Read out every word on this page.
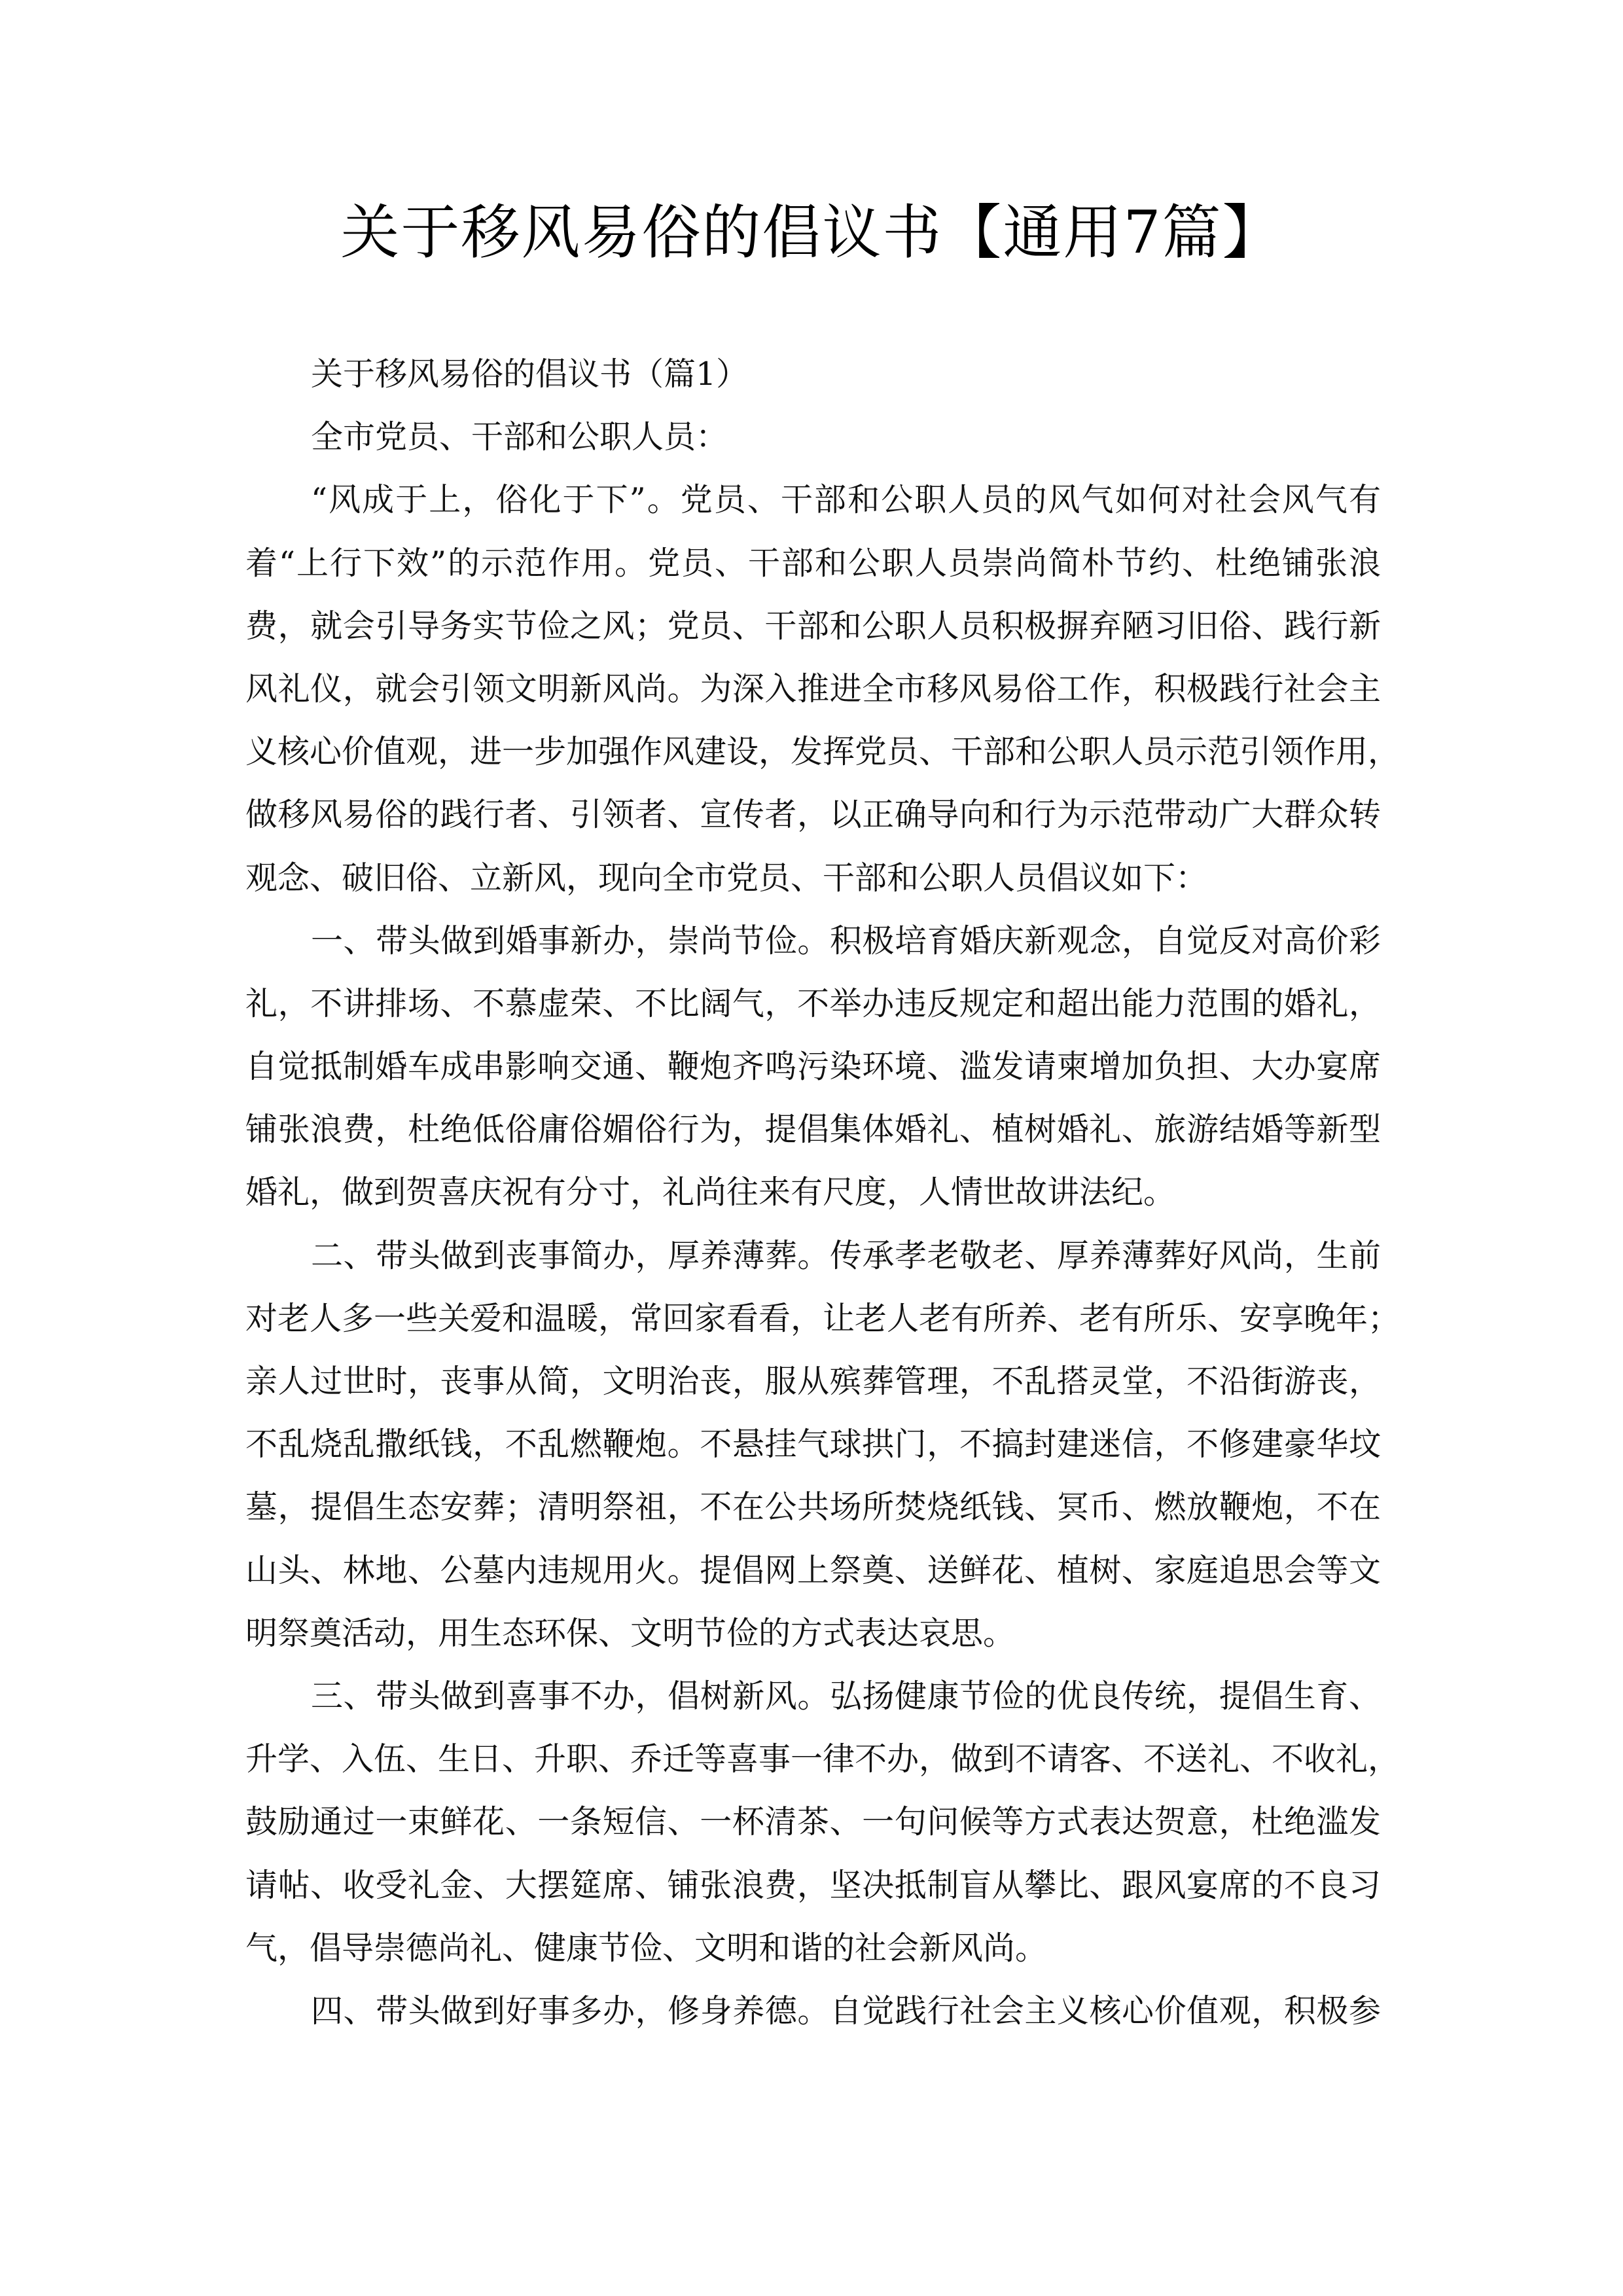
关于移风易俗的倡议书【通用7篇】
关于移风易俗的倡议书（篇1）
全市党员、干部和公职人员：
“风成于上，俗化于下”。党员、干部和公职人员的风气如何对社会风气有
着“上行下效”的示范作用。党员、干部和公职人员崇尚简朴节约、杜绝铺张浪
费，就会引导务实节俭之风；党员、干部和公职人员积极摒弃陋习旧俗、践行新
风礼仪，就会引领文明新风尚。为深入推进全市移风易俗工作，积极践行社会主
义核心价值观，进一步加强作风建设，发挥党员、干部和公职人员示范引领作用，
做移风易俗的践行者、引领者、宣传者，以正确导向和行为示范带动广大群众转
观念、破旧俗、立新风，现向全市党员、干部和公职人员倡议如下：
一、带头做到婚事新办，崇尚节俭。积极培育婚庆新观念，自觉反对高价彩
礼，不讲排场、不慕虚荣、不比阔气，不举办违反规定和超出能力范围的婚礼，
自觉抵制婚车成串影响交通、鞭炮齐鸣污染环境、滥发请柬增加负担、大办宴席
铺张浪费，杜绝低俗庸俗媚俗行为，提倡集体婚礼、植树婚礼、旅游结婚等新型
婚礼，做到贺喜庆祝有分寸，礼尚往来有尺度，人情世故讲法纪。
二、带头做到丧事简办，厚养薄葬。传承孝老敬老、厚养薄葬好风尚，生前
对老人多一些关爱和温暖，常回家看看，让老人老有所养、老有所乐、安享晚年；
亲人过世时，丧事从简，文明治丧，服从殡葬管理，不乱搭灵堂，不沿街游丧，
不乱烧乱撒纸钱，不乱燃鞭炮。不悬挂气球拱门，不搞封建迷信，不修建豪华坟
墓，提倡生态安葬；清明祭祖，不在公共场所焚烧纸钱、冥币、燃放鞭炮，不在
山头、林地、公墓内违规用火。提倡网上祭奠、送鲜花、植树、家庭追思会等文
明祭奠活动，用生态环保、文明节俭的方式表达哀思。
三、带头做到喜事不办，倡树新风。弘扬健康节俭的优良传统，提倡生育、
升学、入伍、生日、升职、乔迁等喜事一律不办，做到不请客、不送礼、不收礼，
鼓励通过一束鲜花、一条短信、一杯清茶、一句问候等方式表达贺意，杜绝滥发
请帖、收受礼金、大摆筵席、铺张浪费，坚决抵制盲从攀比、跟风宴席的不良习
气，倡导崇德尚礼、健康节俭、文明和谐的社会新风尚。
四、带头做到好事多办，修身养德。自觉践行社会主义核心价值观，积极参
